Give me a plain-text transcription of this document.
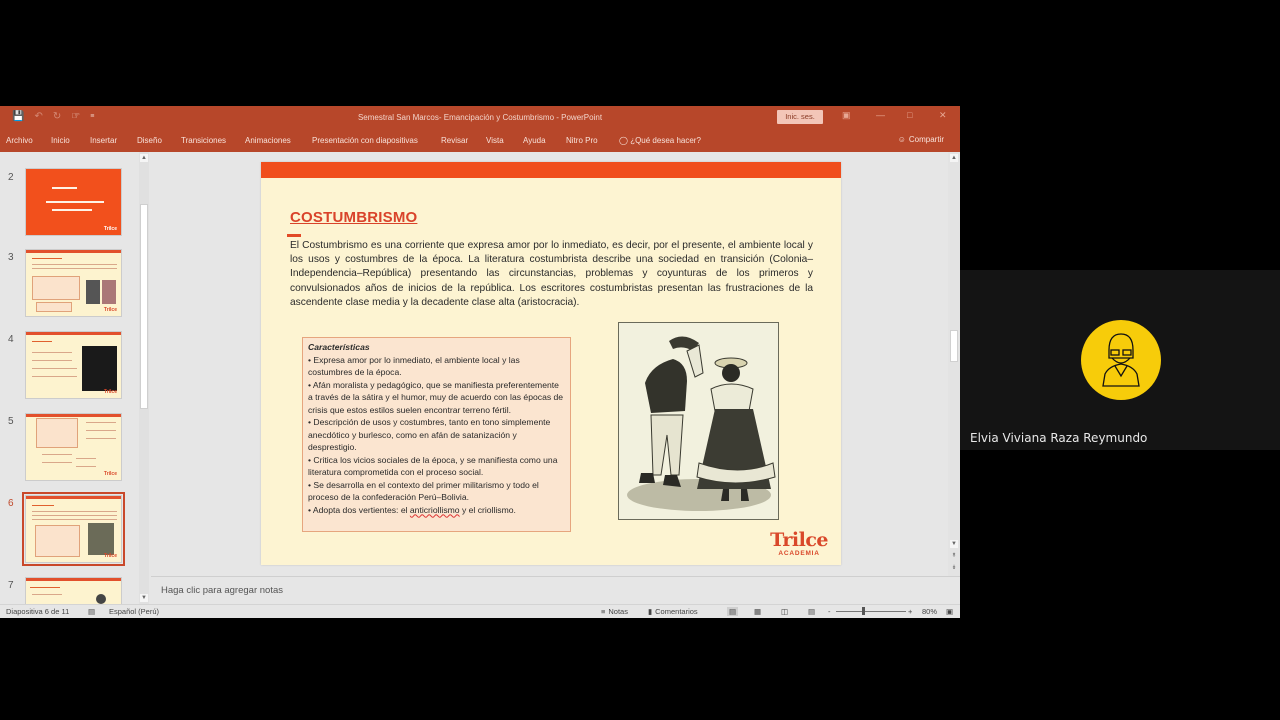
💾 ↶ ↻ ☞ ≡	Semestral San Marcos- Emancipación y Costumbrismo - PowerPoint	Inic. ses.	▣	— □	✕
Archivo Inicio	Insertar Diseño Transiciones Animaciones	Presentación con diapositivas	Revisar Vista Ayuda	Nitro Pro	◯ ¿Qué desea hacer?	☺ Compartir
2
Trilce
3
Trilce
4
Trilce
5
Trilce
6
Trilce
7
▲
▼
COSTUMBRISMO
El Costumbrismo es una corriente que expresa amor por lo inmediato, es decir, por el presente, el ambiente local y los usos y costumbres de la época. La literatura costumbrista describe una sociedad en transición (Colonia–Independencia–República) presentando las circunstancias, problemas y coyunturas de los primeros y convulsionados años de inicios de la república. Los escritores costumbristas presentan las frustraciones de la ascendente clase media y la decadente clase alta (aristocracia).
Características
• Expresa amor por lo inmediato, el ambiente local y las costumbres de la época.
• Afán moralista y pedagógico, que se manifiesta preferentemente a través de la sátira y el humor, muy de acuerdo con las épocas de crisis que estos estilos suelen encontrar terreno fértil.
• Descripción de usos y costumbres, tanto en tono simplemente anecdótico y burlesco, como en afán de satanización y desprestigio.
• Critica los vicios sociales de la época, y se manifiesta como una literatura comprometida con el proceso social.
• Se desarrolla en el contexto del primer militarismo y todo el proceso de la confederación Perú–Bolivia.
• Adopta dos vertientes: el anticriollismo y el criollismo.
Trilce
ACADEMIA
▲
▼
↟
↡
Haga clic para agregar notas
Diapositiva 6 de 11	▤ Español (Perú)	≡ Notas	▮ Comentarios	▤ ▦	◫	▤ -	+ 80% ▣
Elvia Viviana Raza Reymundo
